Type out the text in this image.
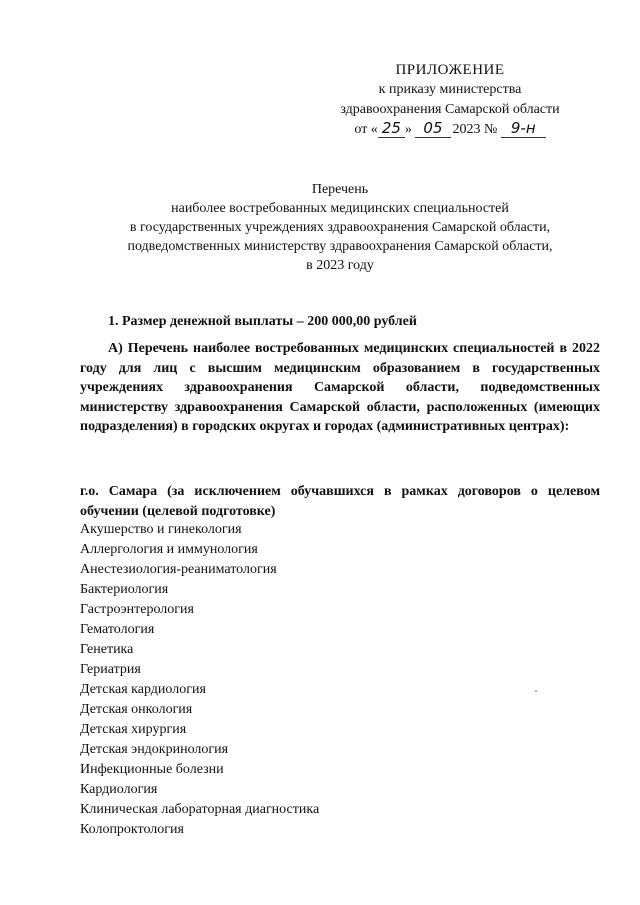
ПРИЛОЖЕНИЕ
к приказу министерства
здравоохранения Самарской области
от « 25 » 05 2023 № 9-н
Перечень
наиболее востребованных медицинских специальностей
в государственных учреждениях здравоохранения Самарской области,
подведомственных министерству здравоохранения Самарской области,
в 2023 году
1. Размер денежной выплаты – 200 000,00 рублей
А) Перечень наиболее востребованных медицинских специальностей в 2022 году для лиц с высшим медицинским образованием в государственных учреждениях здравоохранения Самарской области, подведомственных министерству здравоохранения Самарской области, расположенных (имеющих подразделения) в городских округах и городах (административных центрах):
г.о. Самара (за исключением обучавшихся в рамках договоров о целевом обучении (целевой подготовке)
Акушерство и гинекология
Аллергология и иммунология
Анестезиология-реаниматология
Бактериология
Гастроэнтерология
Гематология
Генетика
Гериатрия
Детская кардиология
Детская онкология
Детская хирургия
Детская эндокринология
Инфекционные болезни
Кардиология
Клиническая лабораторная диагностика
Колопроктология
